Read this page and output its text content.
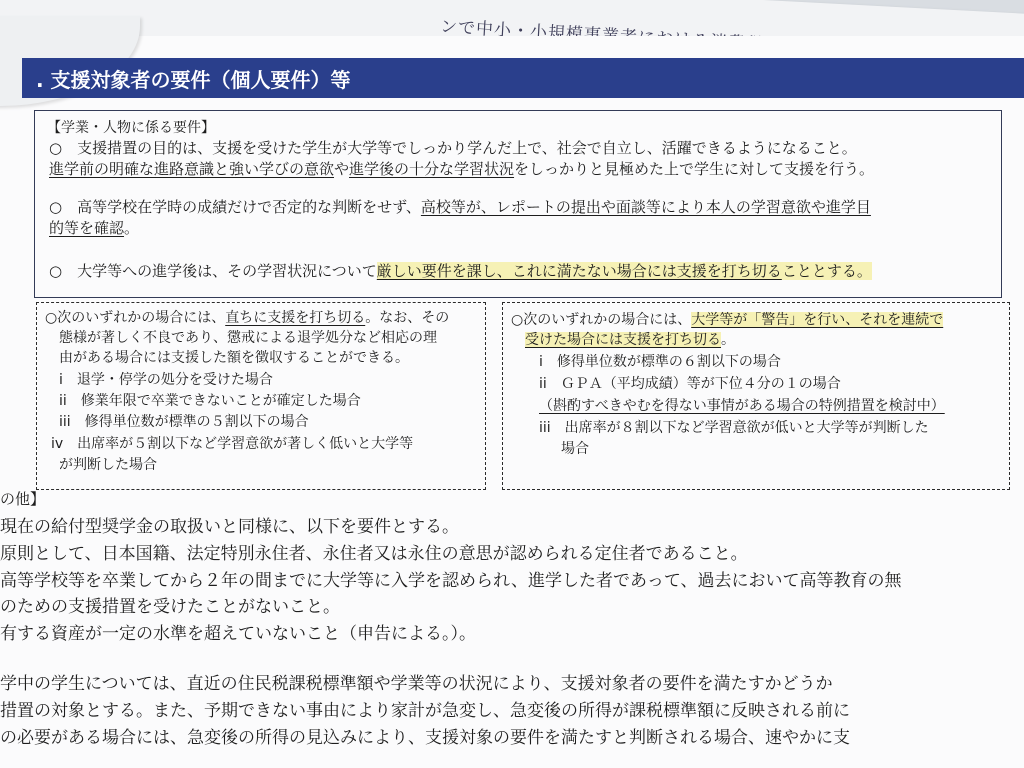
. 支援対象者の要件（個人要件）等
【学業・人物に係る要件】
○　支援措置の目的は、支援を受けた学生が大学等でしっかり学んだ上で、社会で自立し、活躍できるようになること。
進学前の明確な進路意識と強い学びの意欲や進学後の十分な学習状況をしっかりと見極めた上で学生に対して支援を行う。
○　高等学校在学時の成績だけで否定的な判断をせず、高校等が、レポートの提出や面談等により本人の学習意欲や進学目
的等を確認。
○　大学等への進学後は、その学習状況について厳しい要件を課し、これに満たない場合には支援を打ち切ることとする。
○次のいずれかの場合には、直ちに支援を打ち切る。なお、その
態様が著しく不良であり、懲戒による退学処分など相応の理
由がある場合には支援した額を徴収することができる。
i　退学・停学の処分を受けた場合
ii　修業年限で卒業できないことが確定した場合
iii　修得単位数が標準の５割以下の場合
iv　出席率が５割以下など学習意欲が著しく低いと大学等
が判断した場合
○次のいずれかの場合には、大学等が「警告」を行い、それを連続で
受けた場合には支援を打ち切る。
i　修得単位数が標準の６割以下の場合
ii　ＧＰＡ（平均成績）等が下位４分の１の場合
（斟酌すべきやむを得ない事情がある場合の特例措置を検討中）
iii　出席率が８割以下など学習意欲が低いと大学等が判断した
場合
の他】
現在の給付型奨学金の取扱いと同様に、以下を要件とする。
原則として、日本国籍、法定特別永住者、永住者又は永住の意思が認められる定住者であること。
高等学校等を卒業してから２年の間までに大学等に入学を認められ、進学した者であって、過去において高等教育の無
のための支援措置を受けたことがないこと。
有する資産が一定の水準を超えていないこと（申告による。）。
学中の学生については、直近の住民税課税標準額や学業等の状況により、支援対象者の要件を満たすかどうか
措置の対象とする。また、予期できない事由により家計が急変し、急変後の所得が課税標準額に反映される前に
の必要がある場合には、急変後の所得の見込みにより、支援対象の要件を満たすと判断される場合、速やかに支
